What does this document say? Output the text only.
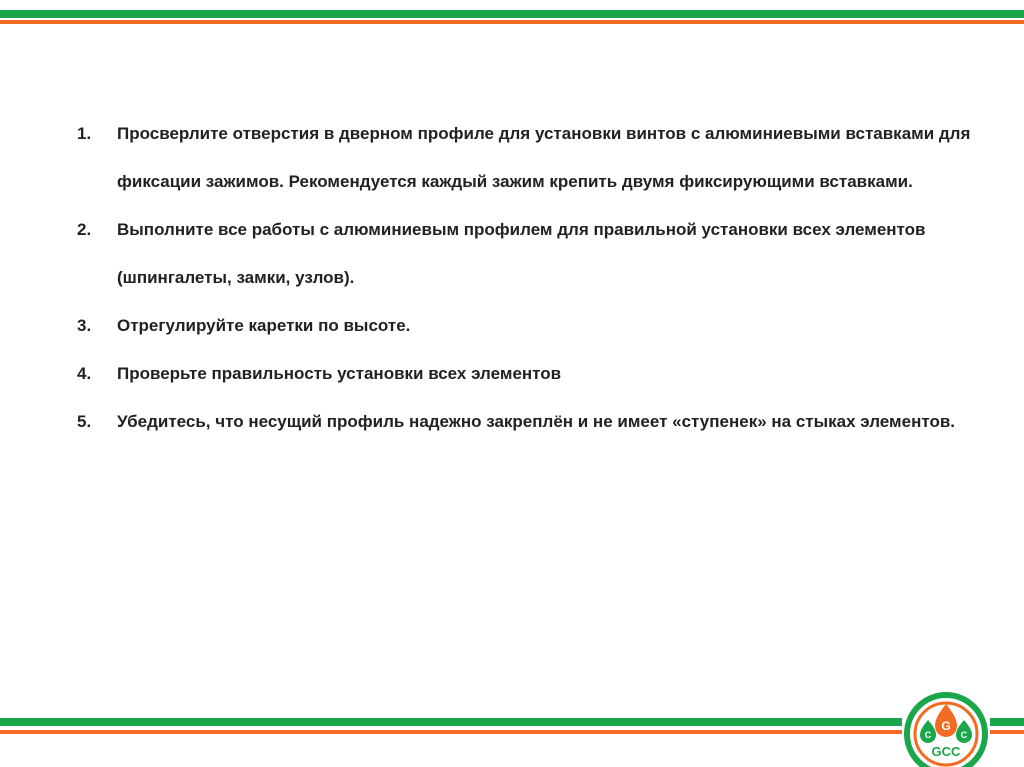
1.	Просверлите отверстия в дверном профиле для установки винтов с алюминиевыми вставками для фиксации зажимов. Рекомендуется каждый зажим крепить двумя фиксирующими вставками.
2.	Выполните все работы с алюминиевым профилем для правильной установки всех элементов (шпингалеты, замки, узлов).
3.	Отрегулируйте каретки по высоте.
4.	Проверьте правильность установки всех элементов
5.	Убедитесь, что несущий профиль надежно закреплён и не имеет «ступенек» на стыках элементов.
G
C	C
GCC
